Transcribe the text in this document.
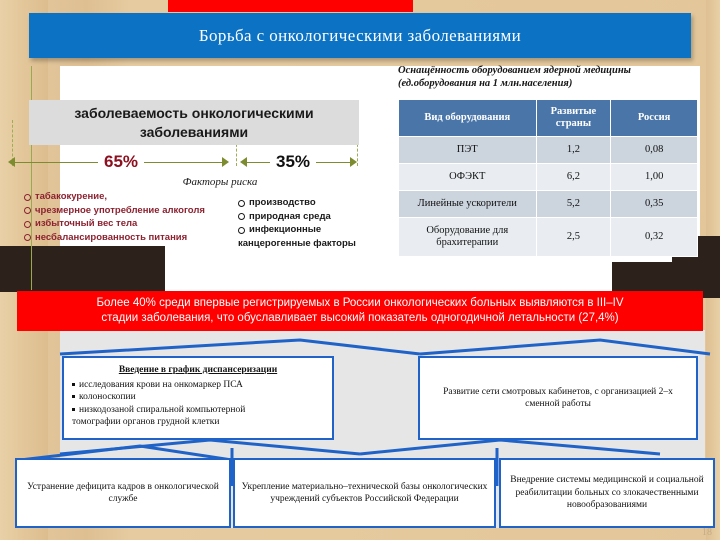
Борьба с онкологическими заболеваниями
заболеваемость онкологическими
заболеваниями
65%	35%
Факторы риска
табакокурение,
чрезмерное употребление алкоголя
избыточный вес тела
несбалансированность питания
производство
природная среда
инфекционные
канцерогенные факторы
Оснащённость оборудованием ядерной медицины
(ед.оборудования на 1 млн.населения)
Вид оборудования	Развитые страны	Россия
ПЭТ	1,2	0,08
ОФЭКТ	6,2	1,00
Линейные ускорители	5,2	0,35
Оборудование для брахитерапии	2,5	0,32
Более 40% среди впервые регистрируемых в России онкологических больных выявляются в III–IV
стадии заболевания, что обуславливает высокий показатель одногодичной летальности (27,4%)
Введение в график диспансеризации
исследования крови на онкомаркер ПСА
колоноскопии
низкодозаной спиральной компьютерной
томографии органов грудной клетки
Развитие сети смотровых кабинетов, с организацией 2–х сменной работы
Устранение дефицита кадров в онкологической службе
Укрепление материально–технической базы онкологических учреждений субъектов Российской Федерации
Внедрение системы медицинской и социальной реабилитации больных со злокачественными новообразованиями
18
